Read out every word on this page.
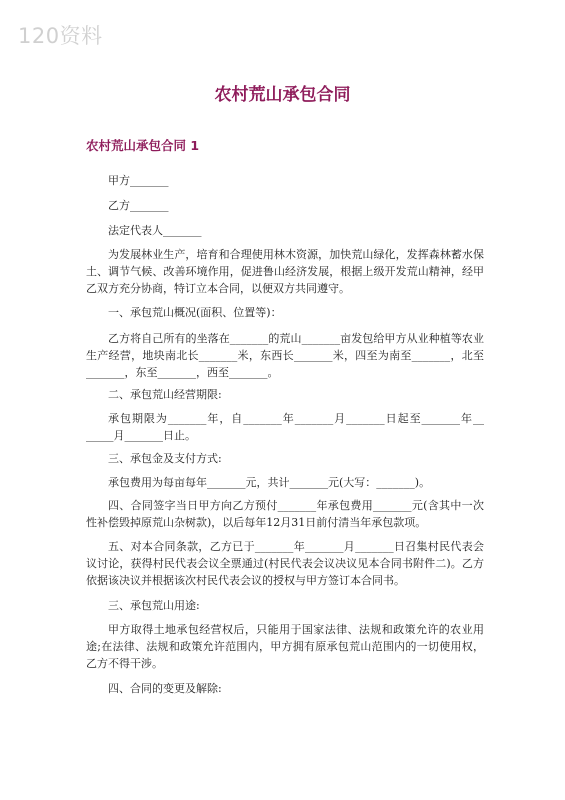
120资料
农村荒山承包合同
农村荒山承包合同 1
甲方_______
乙方_______
法定代表人_______
为发展林业生产，培育和合理使用林木资源，加快荒山绿化，发挥森林蓄水保土、调节气候、改善环境作用，促进鲁山经济发展，根据上级开发荒山精神，经甲乙双方充分协商，特订立本合同，以便双方共同遵守。
一、承包荒山概况(面积、位置等)：
乙方将自己所有的坐落在_______的荒山_______亩发包给甲方从业种植等农业生产经营，地块南北长_______米，东西长_______米，四至为南至_______，北至_______，东至_______，西至_______。
二、承包荒山经营期限:
承包期限为_______年，自_______年_______月_______日起至_______年__ _____月_______日止。
三、承包金及支付方式:
承包费用为每亩每年_______元，共计_______元(大写：_______)。
四、合同签字当日甲方向乙方预付_______年承包费用_______元(含其中一次性补偿毁掉原荒山杂树款)，以后每年12月31日前付清当年承包款项。
五、对本合同条款，乙方已于_______年_______月_______日召集村民代表会议讨论，获得村民代表会议全票通过(村民代表会议决议见本合同书附件二)。乙方依据该决议并根据该次村民代表会议的授权与甲方签订本合同书。
三、承包荒山用途:
甲方取得土地承包经营权后，只能用于国家法律、法规和政策允许的农业用途;在法律、法规和政策允许范围内，甲方拥有原承包荒山范围内的一切使用权，乙方不得干涉。
四、合同的变更及解除:
